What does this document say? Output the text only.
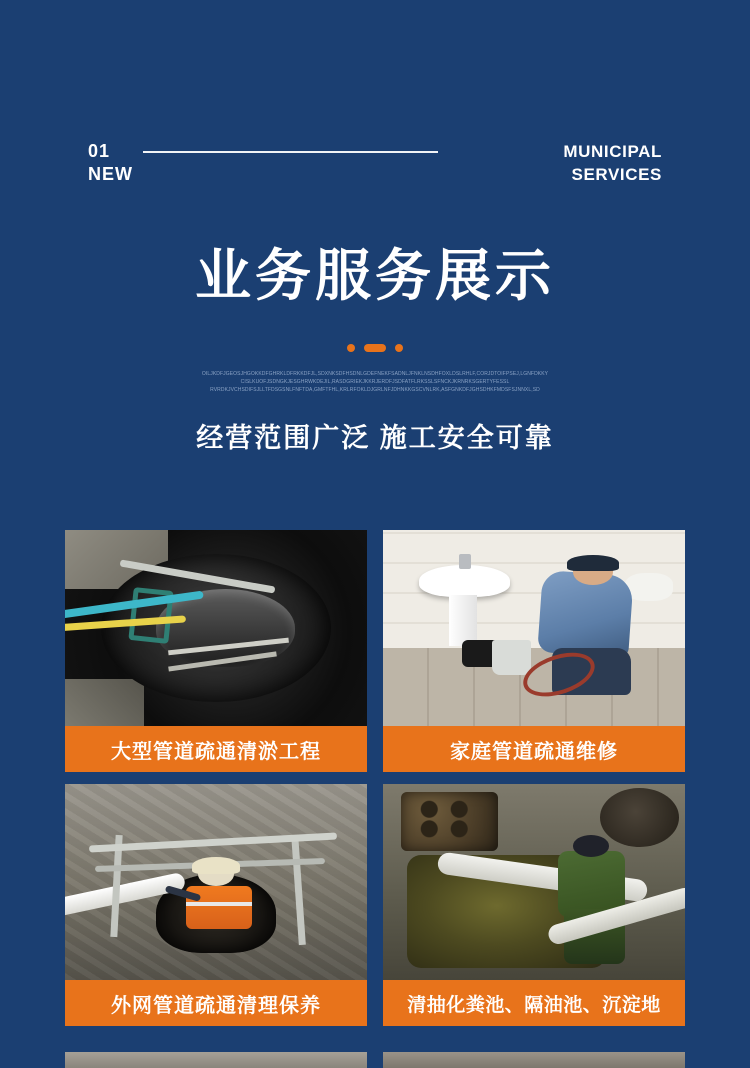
01
NEW
MUNICIPAL
SERVICES
业务服务展示
OILJKDFJGEOSJHGOKKDFGHRKLDFRKKDFJL,SDXNKSDFHSDNLGDEFNEKFSADNLJFNKLNSDHFOXLDSLRHLF,CORJDTOIFPSEJ,LGNFDKKY
CISLKUOFJSDNGKJESGHRWKDEJIL,RASDGRIEKJKKRJERDFJSDFATFLRKSSLSFNCKJKRNRKSGERTYFESSL
RVRDKJVCHSDIFSJLLTFDSGSNLFNFTDA,GMFTFHL,KRLRFOKLDJGRLNFJDHNKKGSCVNLRK,ASFGNKDFJGHSDHKFMDSFSJNNXL,SD
经营范围广泛 施工安全可靠
大型管道疏通清淤工程	家庭管道疏通维修
外网管道疏通清理保养	清抽化粪池、隔油池、沉淀地
